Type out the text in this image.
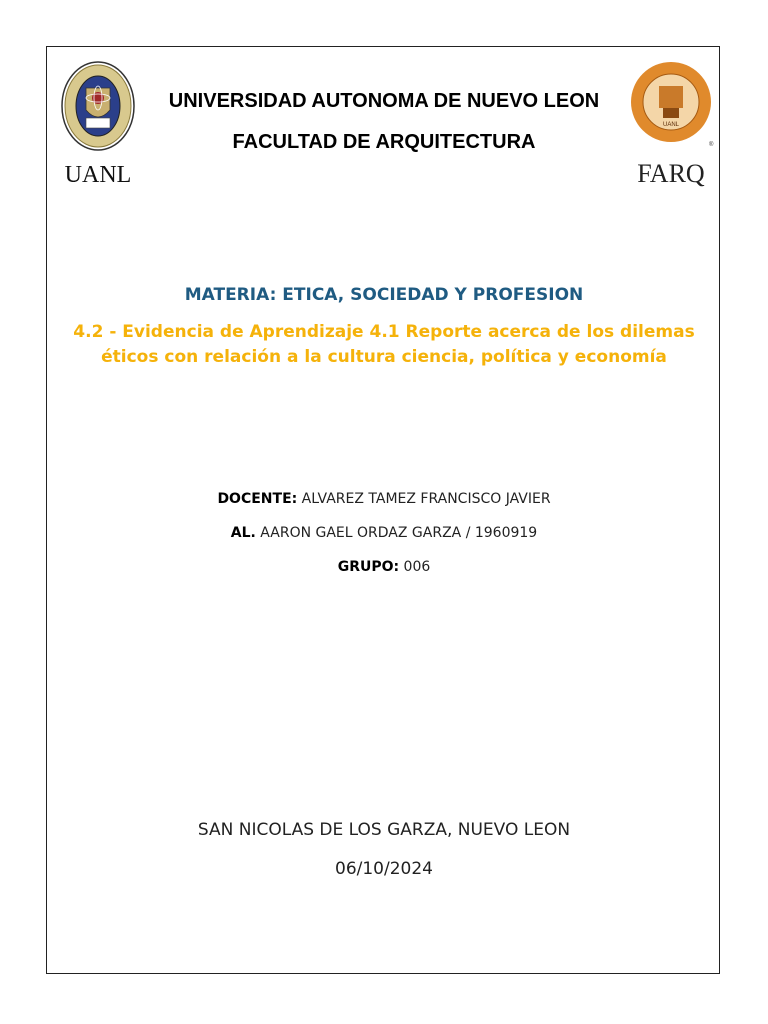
UANL
UANL
®
FARQ
UNIVERSIDAD AUTONOMA DE NUEVO LEON
FACULTAD DE ARQUITECTURA
MATERIA: ETICA, SOCIEDAD Y PROFESION
4.2 - Evidencia de Aprendizaje 4.1 Reporte acerca de los dilemas
éticos con relación a la cultura ciencia, política y economía
DOCENTE: ALVAREZ TAMEZ FRANCISCO JAVIER
AL. AARON GAEL ORDAZ GARZA / 1960919
GRUPO: 006
SAN NICOLAS DE LOS GARZA, NUEVO LEON
06/10/2024
